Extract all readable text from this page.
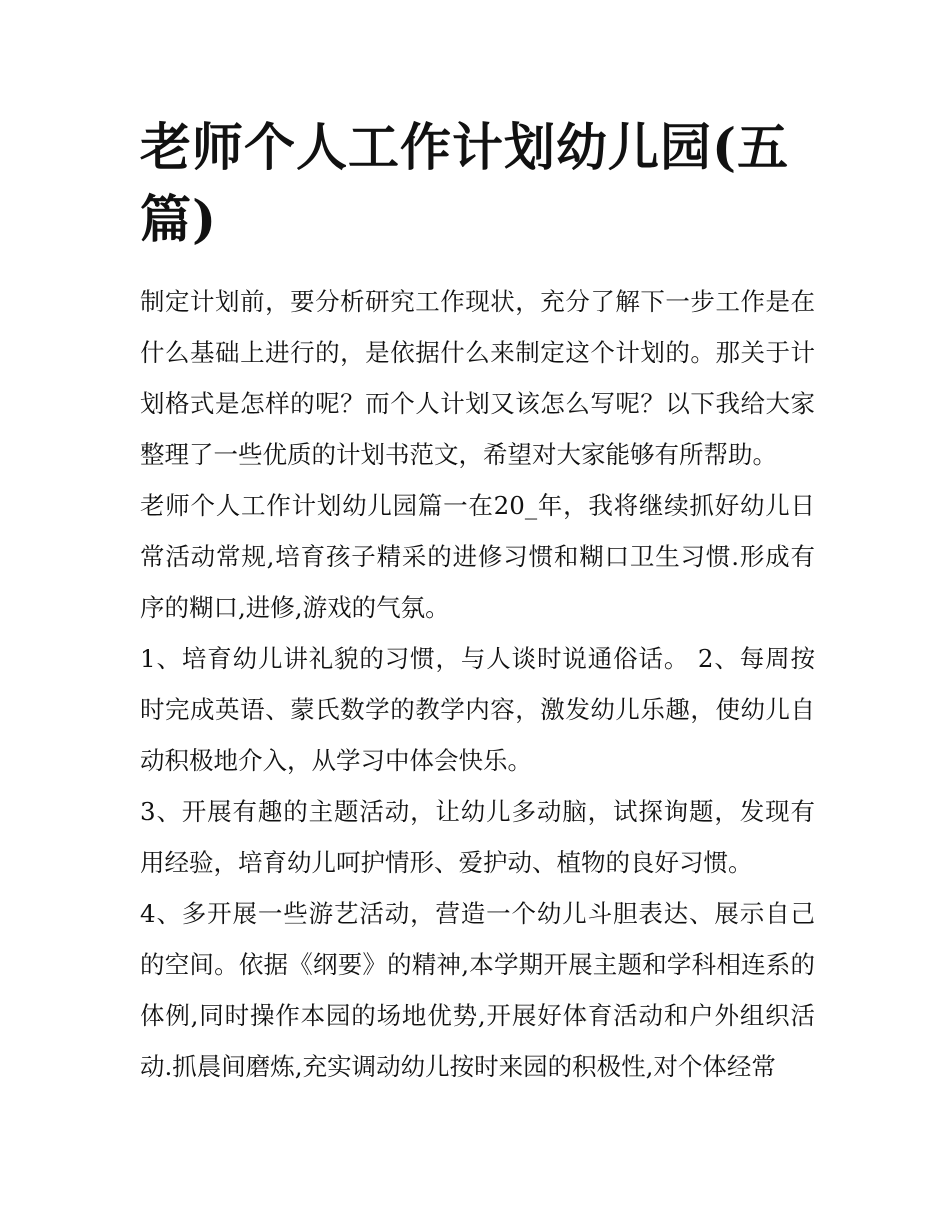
老师个人工作计划幼儿园(五篇)

制定计划前，要分析研究工作现状，充分了解下一步工作是在什么基础上进行的，是依据什么来制定这个计划的。那关于计划格式是怎样的呢？而个人计划又该怎么写呢？以下我给大家整理了一些优质的计划书范文，希望对大家能够有所帮助。

老师个人工作计划幼儿园篇一在20_年，我将继续抓好幼儿日常活动常规,培育孩子精采的进修习惯和糊口卫生习惯.形成有序的糊口,进修,游戏的气氛。

1、培育幼儿讲礼貌的习惯，与人谈时说通俗话。 2、每周按时完成英语、蒙氏数学的教学内容，激发幼儿乐趣，使幼儿自动积极地介入，从学习中体会快乐。

3、开展有趣的主题活动，让幼儿多动脑，试探询题，发现有用经验，培育幼儿呵护情形、爱护动、植物的良好习惯。

4、多开展一些游艺活动，营造一个幼儿斗胆表达、展示自己的空间。依据《纲要》的精神,本学期开展主题和学科相连系的体例,同时操作本园的场地优势,开展好体育活动和户外组织活动.抓晨间磨炼,充实调动幼儿按时来园的积极性,对个体经常
